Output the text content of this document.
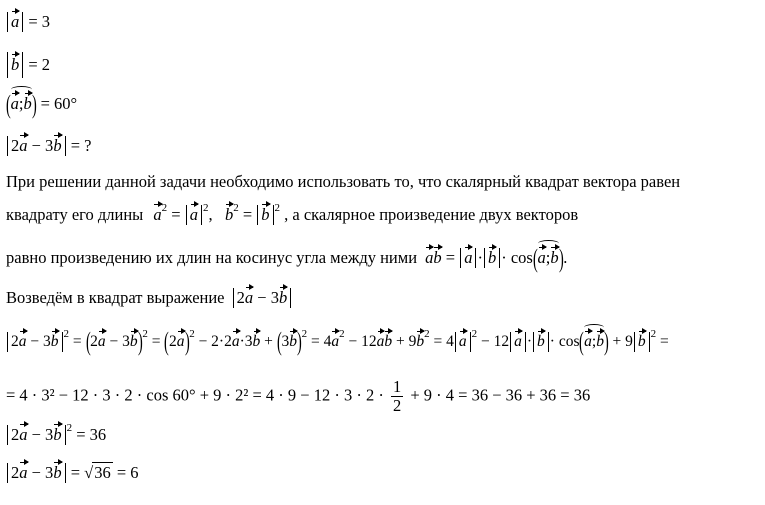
a = 3
b = 2
(a;b) = 60°
2a − 3b = ?
При решении данной задачи необходимо использовать то, что скалярный квадрат вектора равен
квадрату его длины $a^2 = a$ $^2$,   $b^2 = b$ $^2$ , а скалярное произведение двух векторов
равно произведению их длин на косинус угла между ними ab = a · b · cos(a;b).
Возведём в квадрат выражение 2a − 3b
2a − 3b $^2 = (2a - 3b)^2 = (2a)^2 - 2\cdot 2a\cdot 3b + (3b)^2 = 4a^2 - 12ab + 9b^2 = 4$ a $^2$ − 12 a · b · cos(a;b) + 9 b $^2$ =
= $4 \cdot 3^2 - 12 \cdot 3 \cdot 2 \cdot \cos 60^\circ + 9 \cdot 2^2 = 4 \cdot 9 - 12 \cdot 3 \cdot 2 \cdot \frac{1}{2} + 9 \cdot 4 = 36 - 36 + 36 = 36$
2a − 3b $^2$ = 36
2a − 3b = √36 = 6
